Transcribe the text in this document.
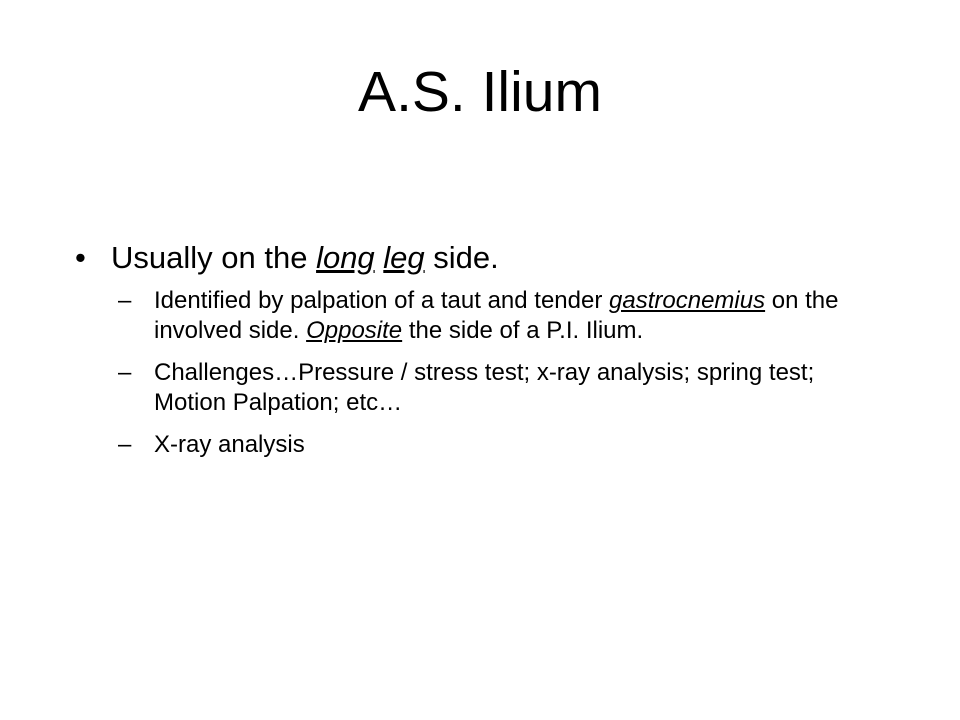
A.S. Ilium
• Usually on the long leg side.
– Identified by palpation of a taut and tender gastrocnemius on the involved side. Opposite the side of a P.I. Ilium.
– Challenges…Pressure / stress test; x-ray analysis; spring test; Motion Palpation; etc…
– X-ray analysis
